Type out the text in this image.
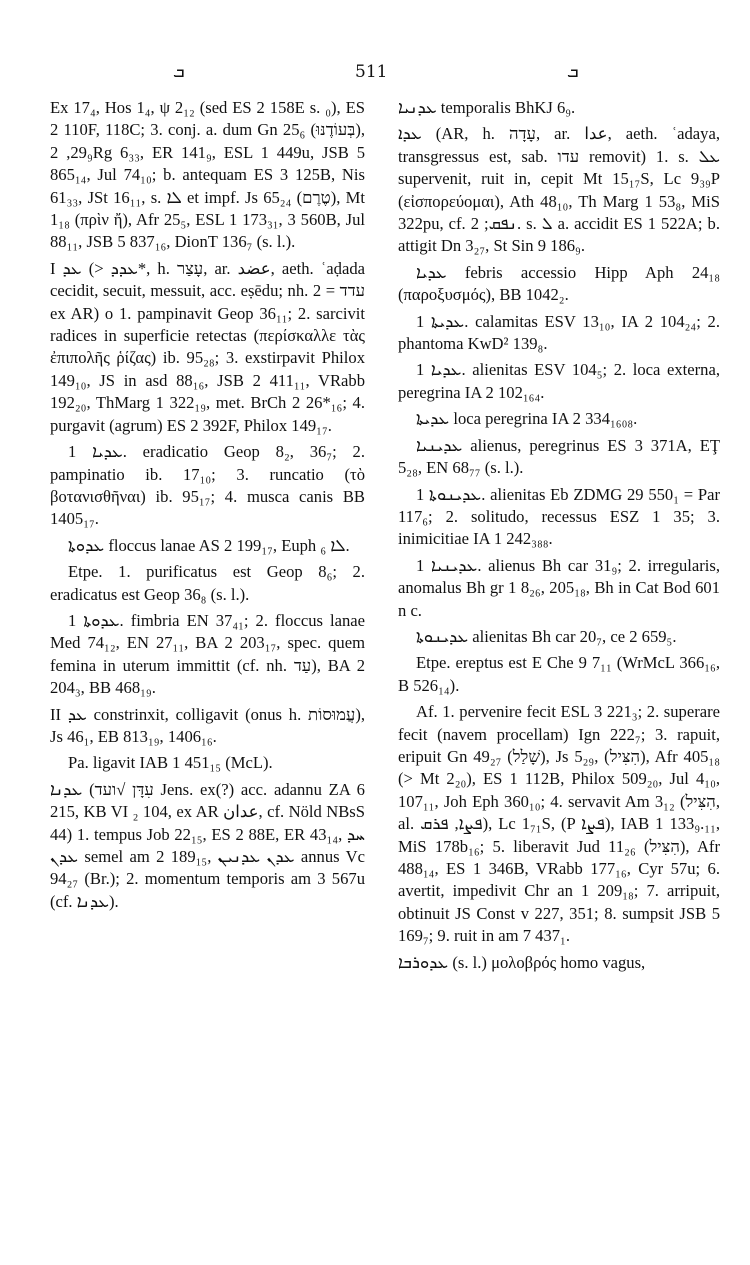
ܒ	511	ܒ

Ex 17₄, Hos 1₄, ψ 2₁₂ (sed ES 2 158E s. ₀), ES 2 110F, 118C; 3. conj. a. dum Gn 25₆ (בְּעוֹדֶנּוּ), 29₉, 2Rg 6₃₃, ER 141₉, ESL 1 449u, JSB 5 865₁₄, Jul 74₁₀; b. antequam ES 3 125B, Nis 61₃₃, JSt 16₁₁, s. ܠܐ et impf. Js 65₂₄ (טֶרֶם), Mt 1₁₈ (πρὶν ἤ), Afr 25₅, ESL 1 173₃₁, 3 560B, Jul 88₁₁, JSB 5 837₁₆, DionT 136₇ (s. l.).

I ܥܕ (> ܥܕܕ*, h. עָצַר, ar. عضد, aeth. ʿaḍada cecidit, secuit, messuit, acc. eṣēdu; nh. עדד = 2 ex AR) o 1. pampinavit Geop 36₁₁; 2. sarcivit radices in superficie retectas (περίσκαλλε τὰς ἐπιπολῆς ῥίζας) ib. 95₂₈; 3. exstirpavit Philox 149₁₀, JS in asd 88₁₆, JSB 2 411₁₁, VRabb 192₂₀, ThMarg 1 322₁₉, met. BrCh 2 26*₁₆; 4. purgavit (agrum) ES 2 392F, Philox 149₁₇.

ܥܕܝܐ 1. eradicatio Geop 8₂, 36₇; 2. pampinatio ib. 17₁₀; 3. runcatio (τὸ βοτανισθῆναι) ib. 95₁₇; 4. musca canis BB 1405₁₇.

ܥܕܘܬܐ floccus lanae AS 2 199₁₇, Euph ܠܐ ₆.

Etpe. 1. purificatus est Geop 8₆; 2. eradicatus est Geop 36₈ (s. l.).

ܥܕܘܬܐ 1. fimbria EN 37₄₁; 2. floccus lanae Med 74₁₂, EN 27₁₁, BA 2 203₁₇, spec. quem femina in uterum immittit (cf. nh. עַד), BA 2 204₃, BB 468₁₉.

II ܥܕ constrinxit, colligavit (onus h. עֲמוּסוֹת), Js 46₁, EB 813₁₉, 1406₁₆.

Pa. ligavit IAB 1 451₁₅ (McL).

ܥܕܢܐ (עִדָּן √ועד Jens. ex(?) acc. adannu ZA 6 215, KB VI ₂ 104, ex AR عدان, cf. Nöld NBsS 44) 1. tempus Job 22₁₅, ES 2 88E, ER 43₁₄, ܚܕ ܥܕܢ semel am 2 189₁₅, ܥܕܢ ܥܕܢܝܢ annus Vc 94₂₇ (Br.); 2. momentum temporis am 3 567u (cf. ܥܕܢܐ).

ܥܕܢܝܐ temporalis BhKJ 6₉.

ܥܕܐ (AR, h. עָדָה, ar. عدا, aeth. ʿadaya, transgressus est, sab. עדו removit) 1. s. ܥܠ supervenit, ruit in, cepit Mt 15₁₇S, Lc 9₃₉P (εἰσπορεύομαι), Ath 48₁₀, Th Marg 1 53₈, MiS 322pu, cf. ܢܦܩ; 2. s. ܠ a. accidit ES 1 522A; b. attigit Dn 3₂₇, St Sin 9 186₉.

ܥܕܝܐ febris accessio Hipp Aph 24₁₈ (παροξυσμός), BB 1042₂.

ܥܕܝܬܐ 1. calamitas ESV 13₁₀, IA 2 104₂₄; 2. phantoma KwD² 139₈.

ܥܕܝܐ 1. alienitas ESV 104₅; 2. loca externa, peregrina IA 2 102₁₆₄.

ܥܕܝܬܐ loca peregrina IA 2 334₁₆₀₈.

ܥܕܝܢܝܐ alienus, peregrinus ES 3 371A, EŢ 5₂₈, EN 68₇₇ (s. l.).

ܥܕܝܢܘܬܐ 1. alienitas Eb ZDMG 29 550₁ = Par 117₆; 2. solitudo, recessus ESZ 1 35; 3. inimicitiae IA 1 242₃₈₈.

ܥܕܝܢܝܐ 1. alienus Bh car 31₉; 2. irregularis, anomalus Bh gr 1 8₂₆, 205₁₈, Bh in Cat Bod 601 n c.

ܥܕܝܢܘܬܐ alienitas Bh car 20₇, ce 2 659₅.

Etpe. ereptus est E Che 9 7₁₁ (WrMcL 366₁₆, B 526₁₄).

Af. 1. pervenire fecit ESL 3 221₃; 2. superare fecit (navem procellam) Ign 222₇; 3. rapuit, eripuit Gn 49₂₇ (שָׁלַל), Js 5₂₉, (הִצִּיל), Afr 405₁₈ (> Mt 2₂₀), ES 1 112B, Philox 509₂₀, Jul 4₁₀, 107₁₁, Joh Eph 360₁₀; 4. servavit Am 3₁₂ (הִצִּיל, al. ܦܨܐ, ܦܪܩ), Lc 1₇₁S, (P ܦܨܐ), IAB 1 133₉.₁₁, MiS 178b₁₆; 5. liberavit Jud 11₂₆ (הִצִּיל), Afr 488₁₄, ES 1 346B, VRabb 177₁₆, Cyr 57u; 6. avertit, impedivit Chr an 1 209₁₈; 7. arripuit, obtinuit JS Const v 227, 351; 8. sumpsit JSB 5 169₇; 9. ruit in am 7 437₁.

ܥܕܘܪܒܐ (s. l.) μολοβρός homo vagus,
